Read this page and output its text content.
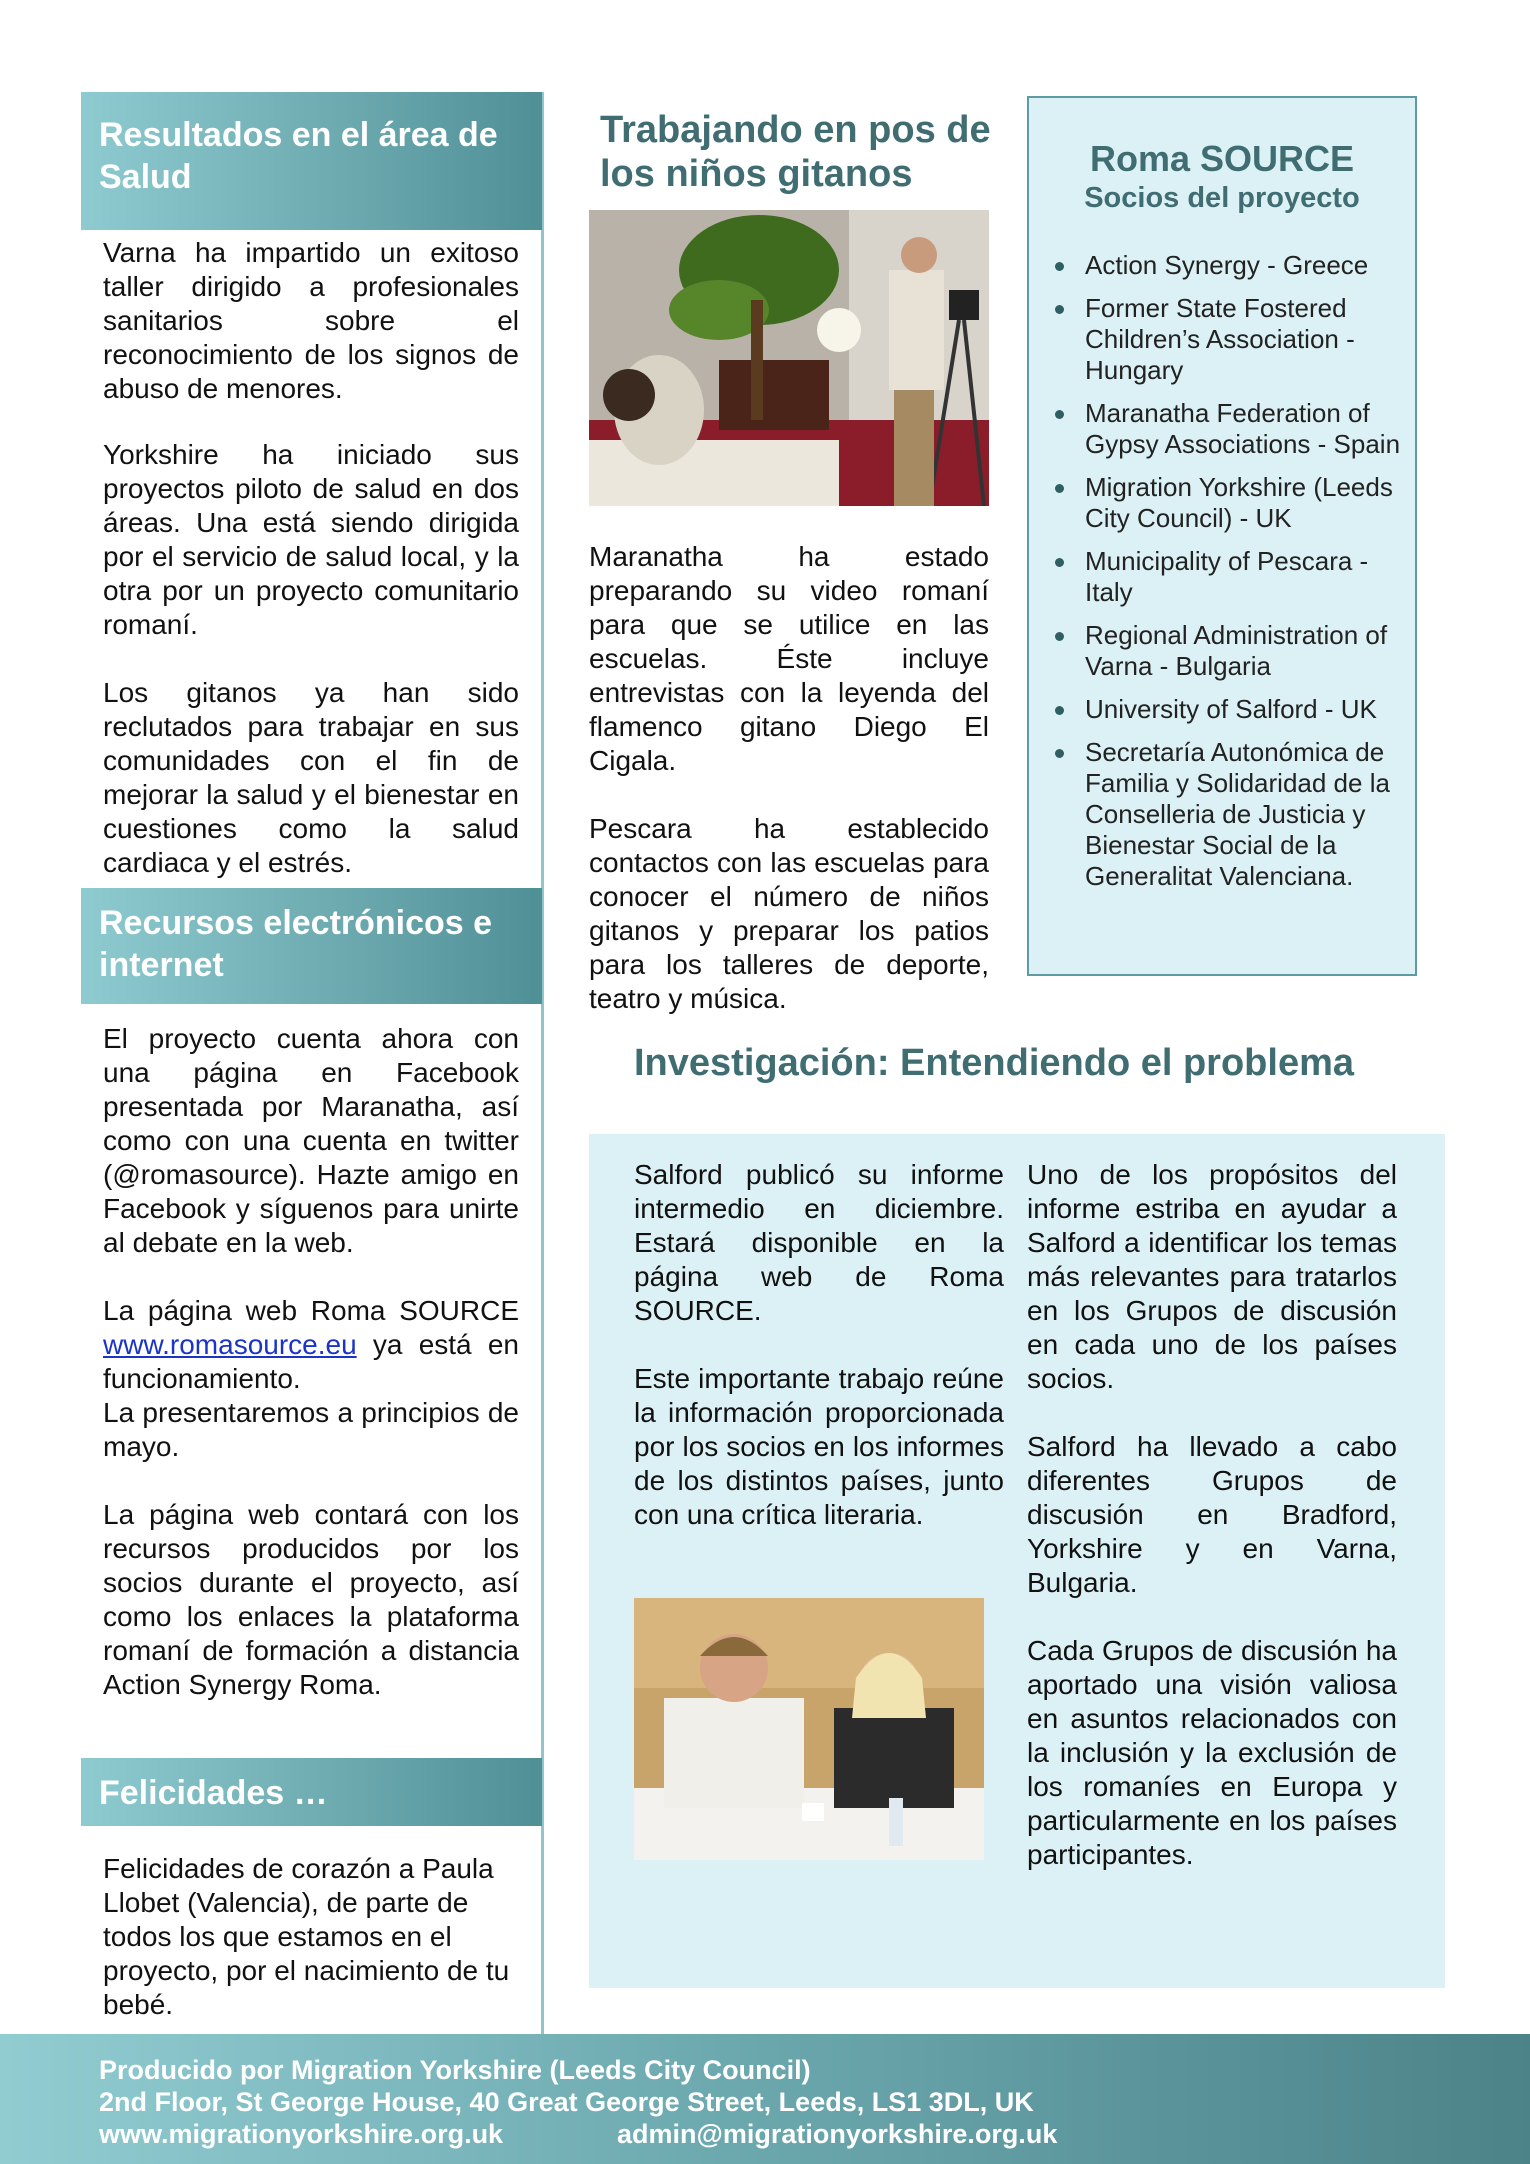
Resultados en el área de Salud

Varna ha impartido un exitoso taller dirigido a profesionales sanitarios sobre el reconocimiento de los signos de abuso de menores.

Yorkshire ha iniciado sus proyectos piloto de salud en dos áreas. Una está siendo dirigida por el servicio de salud local, y la otra por un proyecto comunitario romaní.

Los gitanos ya han sido reclutados para trabajar en sus comunidades con el fin de mejorar la salud y el bienestar en cuestiones como la salud cardiaca y el estrés.

Recursos electrónicos e internet

El proyecto cuenta ahora con una página en Facebook presentada por Maranatha, así como con una cuenta en twitter (@romasource). Hazte amigo en Facebook y síguenos para unirte al debate en la web.

La página web Roma SOURCE www.romasource.eu ya está en funcionamiento.
La presentaremos a principios de mayo.

La página web contará con los recursos producidos por los socios durante el proyecto, así como los enlaces la plataforma romaní de formación a distancia Action Synergy Roma.

Felicidades …

Felicidades de corazón a Paula Llobet (Valencia), de parte de todos los que estamos en el proyecto, por el nacimiento de tu bebé.

Trabajando en pos de los niños gitanos

Maranatha ha estado preparando su video romaní para que se utilice en las escuelas. Éste incluye entrevistas con la leyenda del flamenco gitano Diego El Cigala.

Pescara ha establecido contactos con las escuelas para conocer el número de niños gitanos y preparar los patios para los talleres de deporte, teatro y música.

Roma SOURCE
Socios del proyecto
Action Synergy - Greece
Former State Fostered Children’s Association - Hungary
Maranatha Federation of Gypsy Associations - Spain
Migration Yorkshire (Leeds City Council) - UK
Municipality of Pescara - Italy
Regional Administration of Varna - Bulgaria
University of Salford - UK
Secretaría Autonómica de Familia y Solidaridad de la Conselleria de Justicia y Bienestar Social de la Generalitat Valenciana.
Investigación: Entendiendo el problema

Salford publicó su informe intermedio en diciembre. Estará disponible en la página web de Roma SOURCE.

Este importante trabajo reúne la información proporcionada por los socios en los informes de los distintos países, junto con una crítica literaria.

Uno de los propósitos del informe estriba en ayudar a Salford a identificar los temas más relevantes para tratarlos en los Grupos de discusión en cada uno de los países socios.

Salford ha llevado a cabo diferentes Grupos de discusión en Bradford, Yorkshire y en Varna, Bulgaria.

Cada Grupos de discusión ha aportado una visión valiosa en asuntos relacionados con la inclusión y la exclusión de los romaníes en Europa y particularmente en los países participantes.

Producido por Migration Yorkshire (Leeds City Council)
2nd Floor, St George House, 40 Great George Street, Leeds, LS1 3DL, UK
www.migrationyorkshire.org.uk	admin@migrationyorkshire.org.uk
